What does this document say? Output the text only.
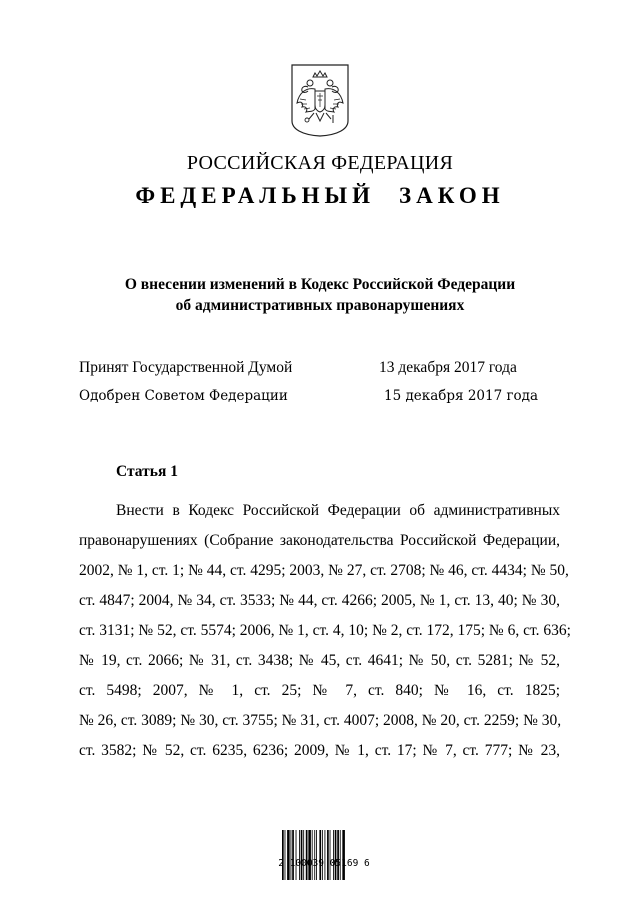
РОССИЙСКАЯ ФЕДЕРАЦИЯ
ФЕДЕРАЛЬНЫЙ ЗАКОН
О внесении изменений в Кодекс Российской Федерации
об административных правонарушениях
Принят Государственной Думой	13 декабря 2017 года
Одобрен Советом Федерации	15 декабря 2017 года
Статья 1
Внести в Кодекс Российской Федерации об административных
правонарушениях (Собрание законодательства Российской Федерации,
2002, № 1, ст. 1; № 44, ст. 4295; 2003, № 27, ст. 2708; № 46, ст. 4434; № 50,
ст. 4847; 2004, № 34, ст. 3533; № 44, ст. 4266; 2005, № 1, ст. 13, 40; № 30,
ст. 3131; № 52, ст. 5574; 2006, № 1, ст. 4, 10; № 2, ст. 172, 175; № 6, ст. 636;
№ 19, ст. 2066; № 31, ст. 3438; № 45, ст. 4641; № 50, ст. 5281; № 52,
ст. 5498; 2007, № 1, ст. 25; № 7, ст. 840; № 16, ст. 1825;
№ 26, ст. 3089; № 30, ст. 3755; № 31, ст. 4007; 2008, № 20, ст. 2259; № 30,
ст. 3582; № 52, ст. 6235, 6236; 2009, № 1, ст. 17; № 7, ст. 777; № 23,
2 100039 05169 6
